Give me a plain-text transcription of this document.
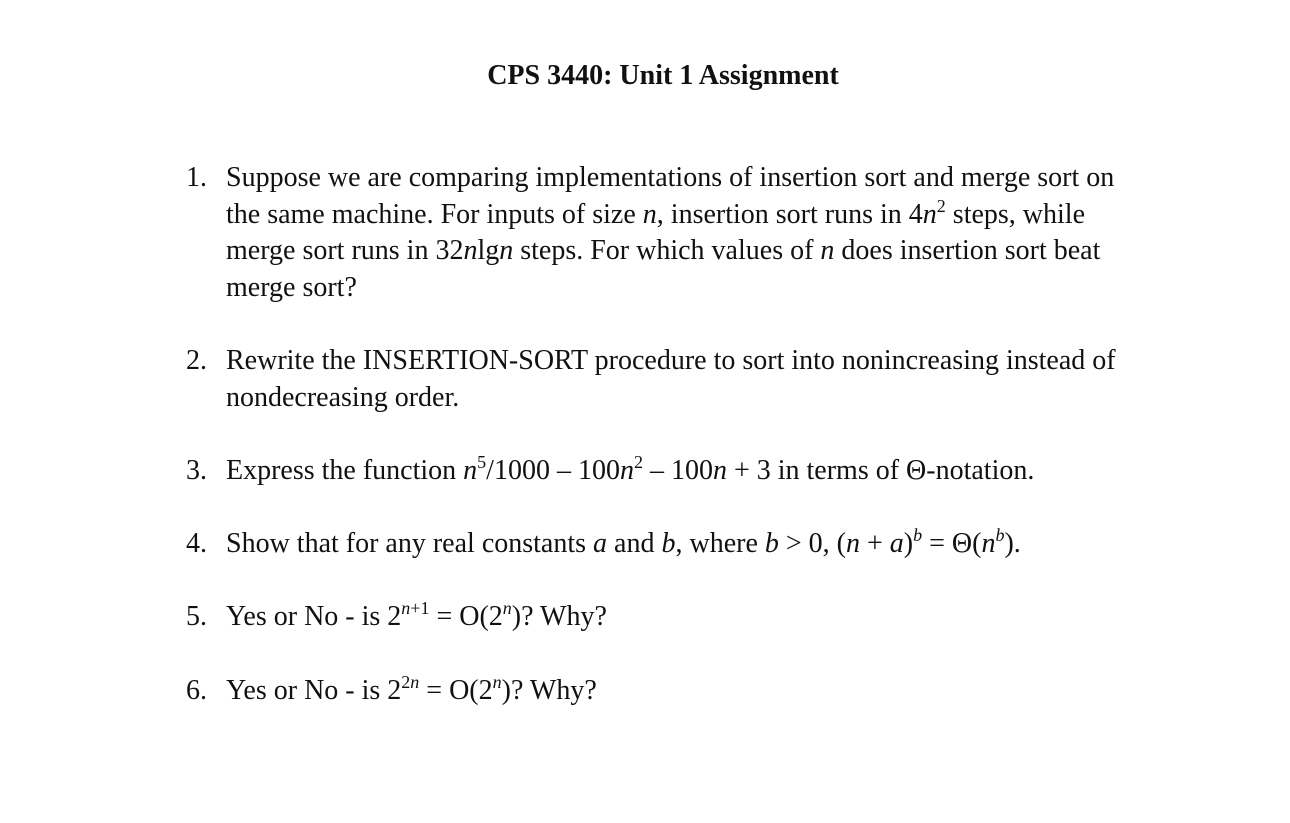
CPS 3440: Unit 1 Assignment
1. Suppose we are comparing implementations of insertion sort and merge sort on the same machine. For inputs of size n, insertion sort runs in $4n^2$ steps, while merge sort runs in 32nlgn steps. For which values of n does insertion sort beat merge sort?
2. Rewrite the INSERTION-SORT procedure to sort into nonincreasing instead of nondecreasing order.
3. Express the function $n^5/1000 - 100n^2 - 100n + 3$ in terms of Θ-notation.
4. Show that for any real constants a and b, where b > 0, $(n + a)^b = \Theta(n^b)$.
5. Yes or No - is $2^{n+1} = O(2^n)$? Why?
6. Yes or No - is $2^{2n} = O(2^n)$? Why?
